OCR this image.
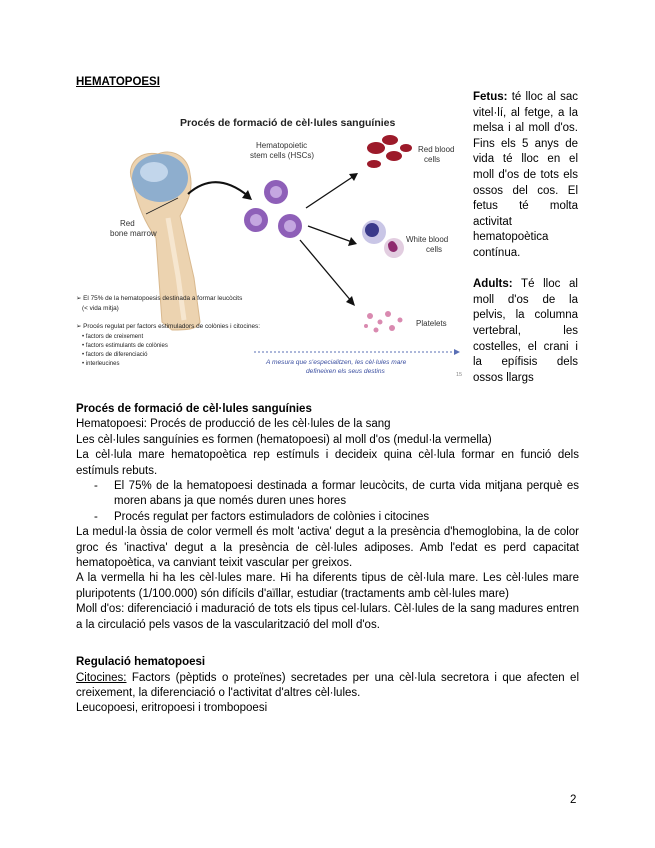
HEMATOPOESI
Procés de formació de cèl·lules sanguínies
Red
bone marrow
Hematopoietic
stem cells (HSCs)
Red blood
cells
White blood
cells
Platelets
➢ El 75% de la hematopoesis destinada a formar leucòcits
(< vida mitja)
➢ Procés regulat per factors estimuladors de colònies i citocines:
• factors de creixement
• factors estimulants de colònies
• factors de diferenciació
• interleucines	A mesura que s'especialitzen, les cèl·lules mare
defineixen els seus destins	15

Fetus: té lloc al sac vitel·lí, al fetge, a la melsa i al moll d'os. Fins els 5 anys de vida té lloc en el moll d'os de tots els ossos del cos. El fetus té molta activitat hematopoètica contínua.

Adults: Té lloc al moll d'os de la pelvis, la columna vertebral, les costelles, el crani i la epífisis dels ossos llargs

Procés de formació de cèl·lules sanguínies

Hematopoesi: Procés de producció de les cèl·lules de la sang

Les cèl·lules sanguínies es formen (hematopoesi) al moll d'os (medul·la vermella)

La cèl·lula mare hematopoètica rep estímuls i decideix quina cèl·lula formar en funció dels estímuls rebuts.

- El 75% de la hematopoesi destinada a formar leucòcits, de curta vida mitjana perquè es moren abans ja que només duren unes hores
- Procés regulat per factors estimuladors de colònies i citocines

La medul·la òssia de color vermell és molt 'activa' degut a la presència d'hemoglobina, la de color groc és 'inactiva' degut a la presència de cèl·lules adiposes. Amb l'edat es perd capacitat hematopoètica, va canviant teixit vascular per greixos.

A la vermella hi ha les cèl·lules mare. Hi ha diferents tipus de cèl·lula mare. Les cèl·lules mare pluripotents (1/100.000) són difícils d'aïllar, estudiar (tractaments amb cèl·lules mare)

Moll d'os: diferenciació i maduració de tots els tipus cel·lulars. Cèl·lules de la sang madures entren a la circulació pels vasos de la vascularització del moll d'os.

Regulació hematopoesi

Citocines: Factors (pèptids o proteïnes) secretades per una cèl·lula secretora i que afecten el creixement, la diferenciació o l'activitat d'altres cèl·lules.

Leucopoesi, eritropoesi i trombopoesi

2
